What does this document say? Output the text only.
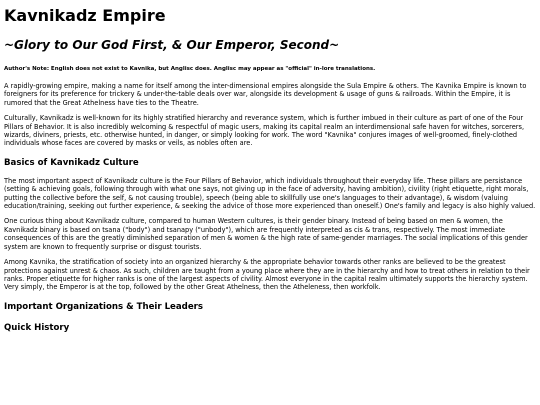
Kavnikadz Empire
~Glory to Our God First, & Our Emperor, Second~

Author's Note: English does not exist to Kavnika, but Anglisc does. Anglisc may appear as "official" in-lore translations.

A rapidly-growing empire, making a name for itself among the inter-dimensional empires alongside the Sula Empire & others. The Kavnika Empire is known to foreigners for its preference for trickery & under-the-table deals over war, alongside its development & usage of guns & railroads. Within the Empire, it is rumored that the Great Athelness have ties to the Theatre.

Culturally, Kavnikadz is well-known for its highly stratified hierarchy and reverance system, which is further imbued in their culture as part of one of the Four Pillars of Behavior. It is also incredibly welcoming & respectful of magic users, making its capital realm an interdimensional safe haven for witches, sorcerers, wizards, diviners, priests, etc. otherwise hunted, in danger, or simply looking for work. The word "Kavnika" conjures images of well-groomed, finely-clothed individuals whose faces are covered by masks or veils, as nobles often are.

Basics of Kavnikadz Culture

The most important aspect of Kavnikadz culture is the Four Pillars of Behavior, which individuals throughout their everyday life. These pillars are persistance (setting & achieving goals, following through with what one says, not giving up in the face of adversity, having ambition), civility (right etiquette, right morals, putting the collective before the self, & not causing trouble), speech (being able to skillfully use one's languages to their advantage), & wisdom (valuing education/training, seeking out further experience, & seeking the advice of those more experienced than oneself.) One's family and legacy is also highly valued.

One curious thing about Kavnikadz culture, compared to human Western cultures, is their gender binary. Instead of being based on men & women, the Kavnikadz binary is based on tsana ("body") and tsanapy ("unbody"), which are frequently interpreted as cis & trans, respectively. The most immediate consequences of this are the greatly diminished separation of men & women & the high rate of same-gender marriages. The social implications of this gender system are known to frequently surprise or disgust tourists.

Among Kavnika, the stratification of society into an organized hierarchy & the appropriate behavior towards other ranks are believed to be the greatest protections against unrest & chaos. As such, children are taught from a young place where they are in the hierarchy and how to treat others in relation to their ranks. Proper etiquette for higher ranks is one of the largest aspects of civility. Almost everyone in the capital realm ultimately supports the hierarchy system. Very simply, the Emperor is at the top, followed by the other Great Athelness, then the Atheleness, then workfolk.

Important Organizations & Their Leaders
Quick History
